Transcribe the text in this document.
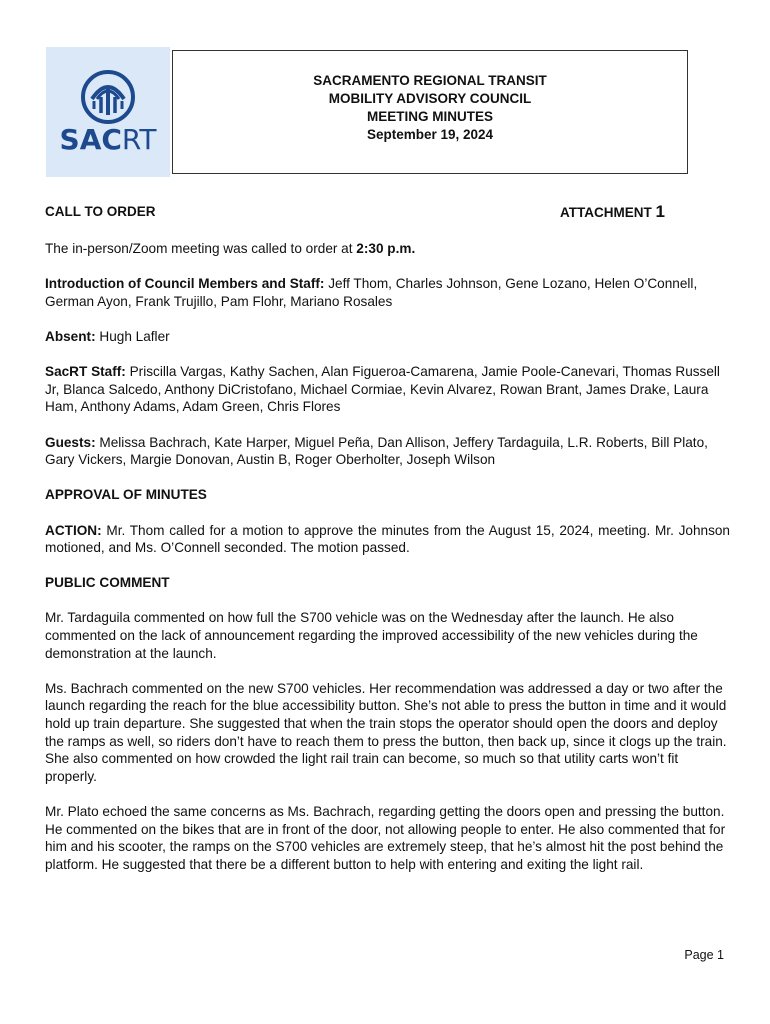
SACRT
SACRAMENTO REGIONAL TRANSIT
MOBILITY ADVISORY COUNCIL
MEETING MINUTES
September 19, 2024
CALL TO ORDER	ATTACHMENT 1

The in-person/Zoom meeting was called to order at 2:30 p.m.

Introduction of Council Members and Staff: Jeff Thom, Charles Johnson, Gene Lozano, Helen O’Connell, German Ayon, Frank Trujillo, Pam Flohr, Mariano Rosales

Absent: Hugh Lafler

SacRT Staff: Priscilla Vargas, Kathy Sachen, Alan Figueroa-Camarena, Jamie Poole-Canevari, Thomas Russell Jr, Blanca Salcedo, Anthony DiCristofano, Michael Cormiae, Kevin Alvarez, Rowan Brant, James Drake, Laura Ham, Anthony Adams, Adam Green, Chris Flores

Guests: Melissa Bachrach, Kate Harper, Miguel Peña, Dan Allison, Jeffery Tardaguila, L.R. Roberts, Bill Plato, Gary Vickers, Margie Donovan, Austin B, Roger Oberholter, Joseph Wilson

APPROVAL OF MINUTES

ACTION: Mr. Thom called for a motion to approve the minutes from the August 15, 2024, meeting. Mr. Johnson motioned, and Ms. O’Connell seconded. The motion passed.

PUBLIC COMMENT

Mr. Tardaguila commented on how full the S700 vehicle was on the Wednesday after the launch. He also commented on the lack of announcement regarding the improved accessibility of the new vehicles during the demonstration at the launch.

Ms. Bachrach commented on the new S700 vehicles. Her recommendation was addressed a day or two after the launch regarding the reach for the blue accessibility button. She’s not able to press the button in time and it would hold up train departure. She suggested that when the train stops the operator should open the doors and deploy the ramps as well, so riders don’t have to reach them to press the button, then back up, since it clogs up the train. She also commented on how crowded the light rail train can become, so much so that utility carts won’t fit properly.

Mr. Plato echoed the same concerns as Ms. Bachrach, regarding getting the doors open and pressing the button. He commented on the bikes that are in front of the door, not allowing people to enter. He also commented that for him and his scooter, the ramps on the S700 vehicles are extremely steep, that he’s almost hit the post behind the platform. He suggested that there be a different button to help with entering and exiting the light rail.

Page 1
